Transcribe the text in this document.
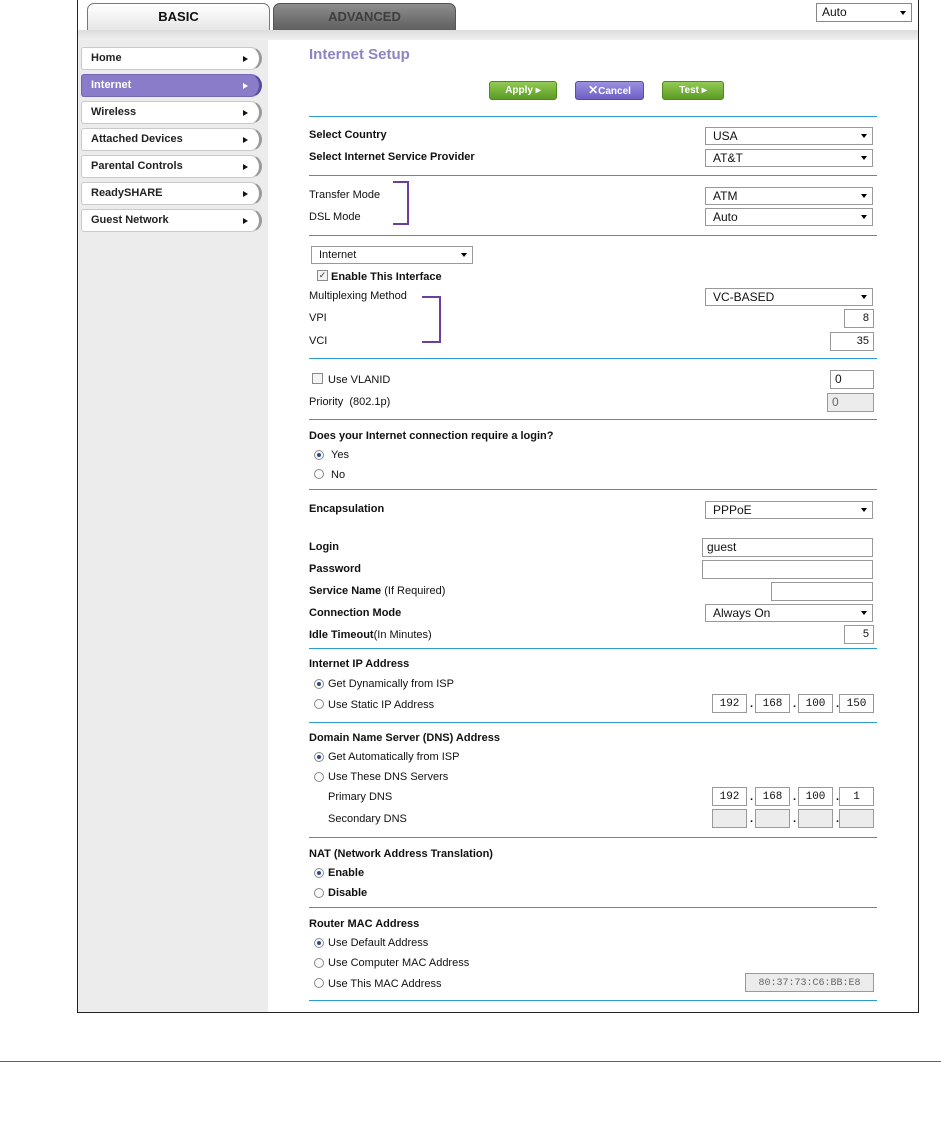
BASIC	ADVANCED	Auto
Home
Internet
Wireless
Attached Devices
Parental Controls
ReadySHARE
Guest Network
Internet Setup
Apply ▸	✕Cancel	Test ▸
Select Country	USA
Select Internet Service Provider	AT&T
Transfer Mode	ATM
DSL Mode	Auto
Internet
✓ Enable This Interface
Multiplexing Method	VC-BASED
VPI	8
VCI	35
Use VLANID	0
Priority  (802.1p)	0
Does your Internet connection require a login?
Yes
No
Encapsulation	PPPoE
Login	guest
Password
Service Name (If Required)
Connection Mode	Always On
Idle Timeout(In Minutes)	5
Internet IP Address
Get Dynamically from ISP
Use Static IP Address	192 . 168 . 100 . 150
Domain Name Server (DNS) Address
Get Automatically from ISP
Use These DNS Servers
Primary DNS	192 . 168 . 100 .	1
Secondary DNS	.	.	.
NAT (Network Address Translation)
Enable
Disable
Router MAC Address
Use Default Address
Use Computer MAC Address
Use This MAC Address	80:37:73:C6:BB:E8
